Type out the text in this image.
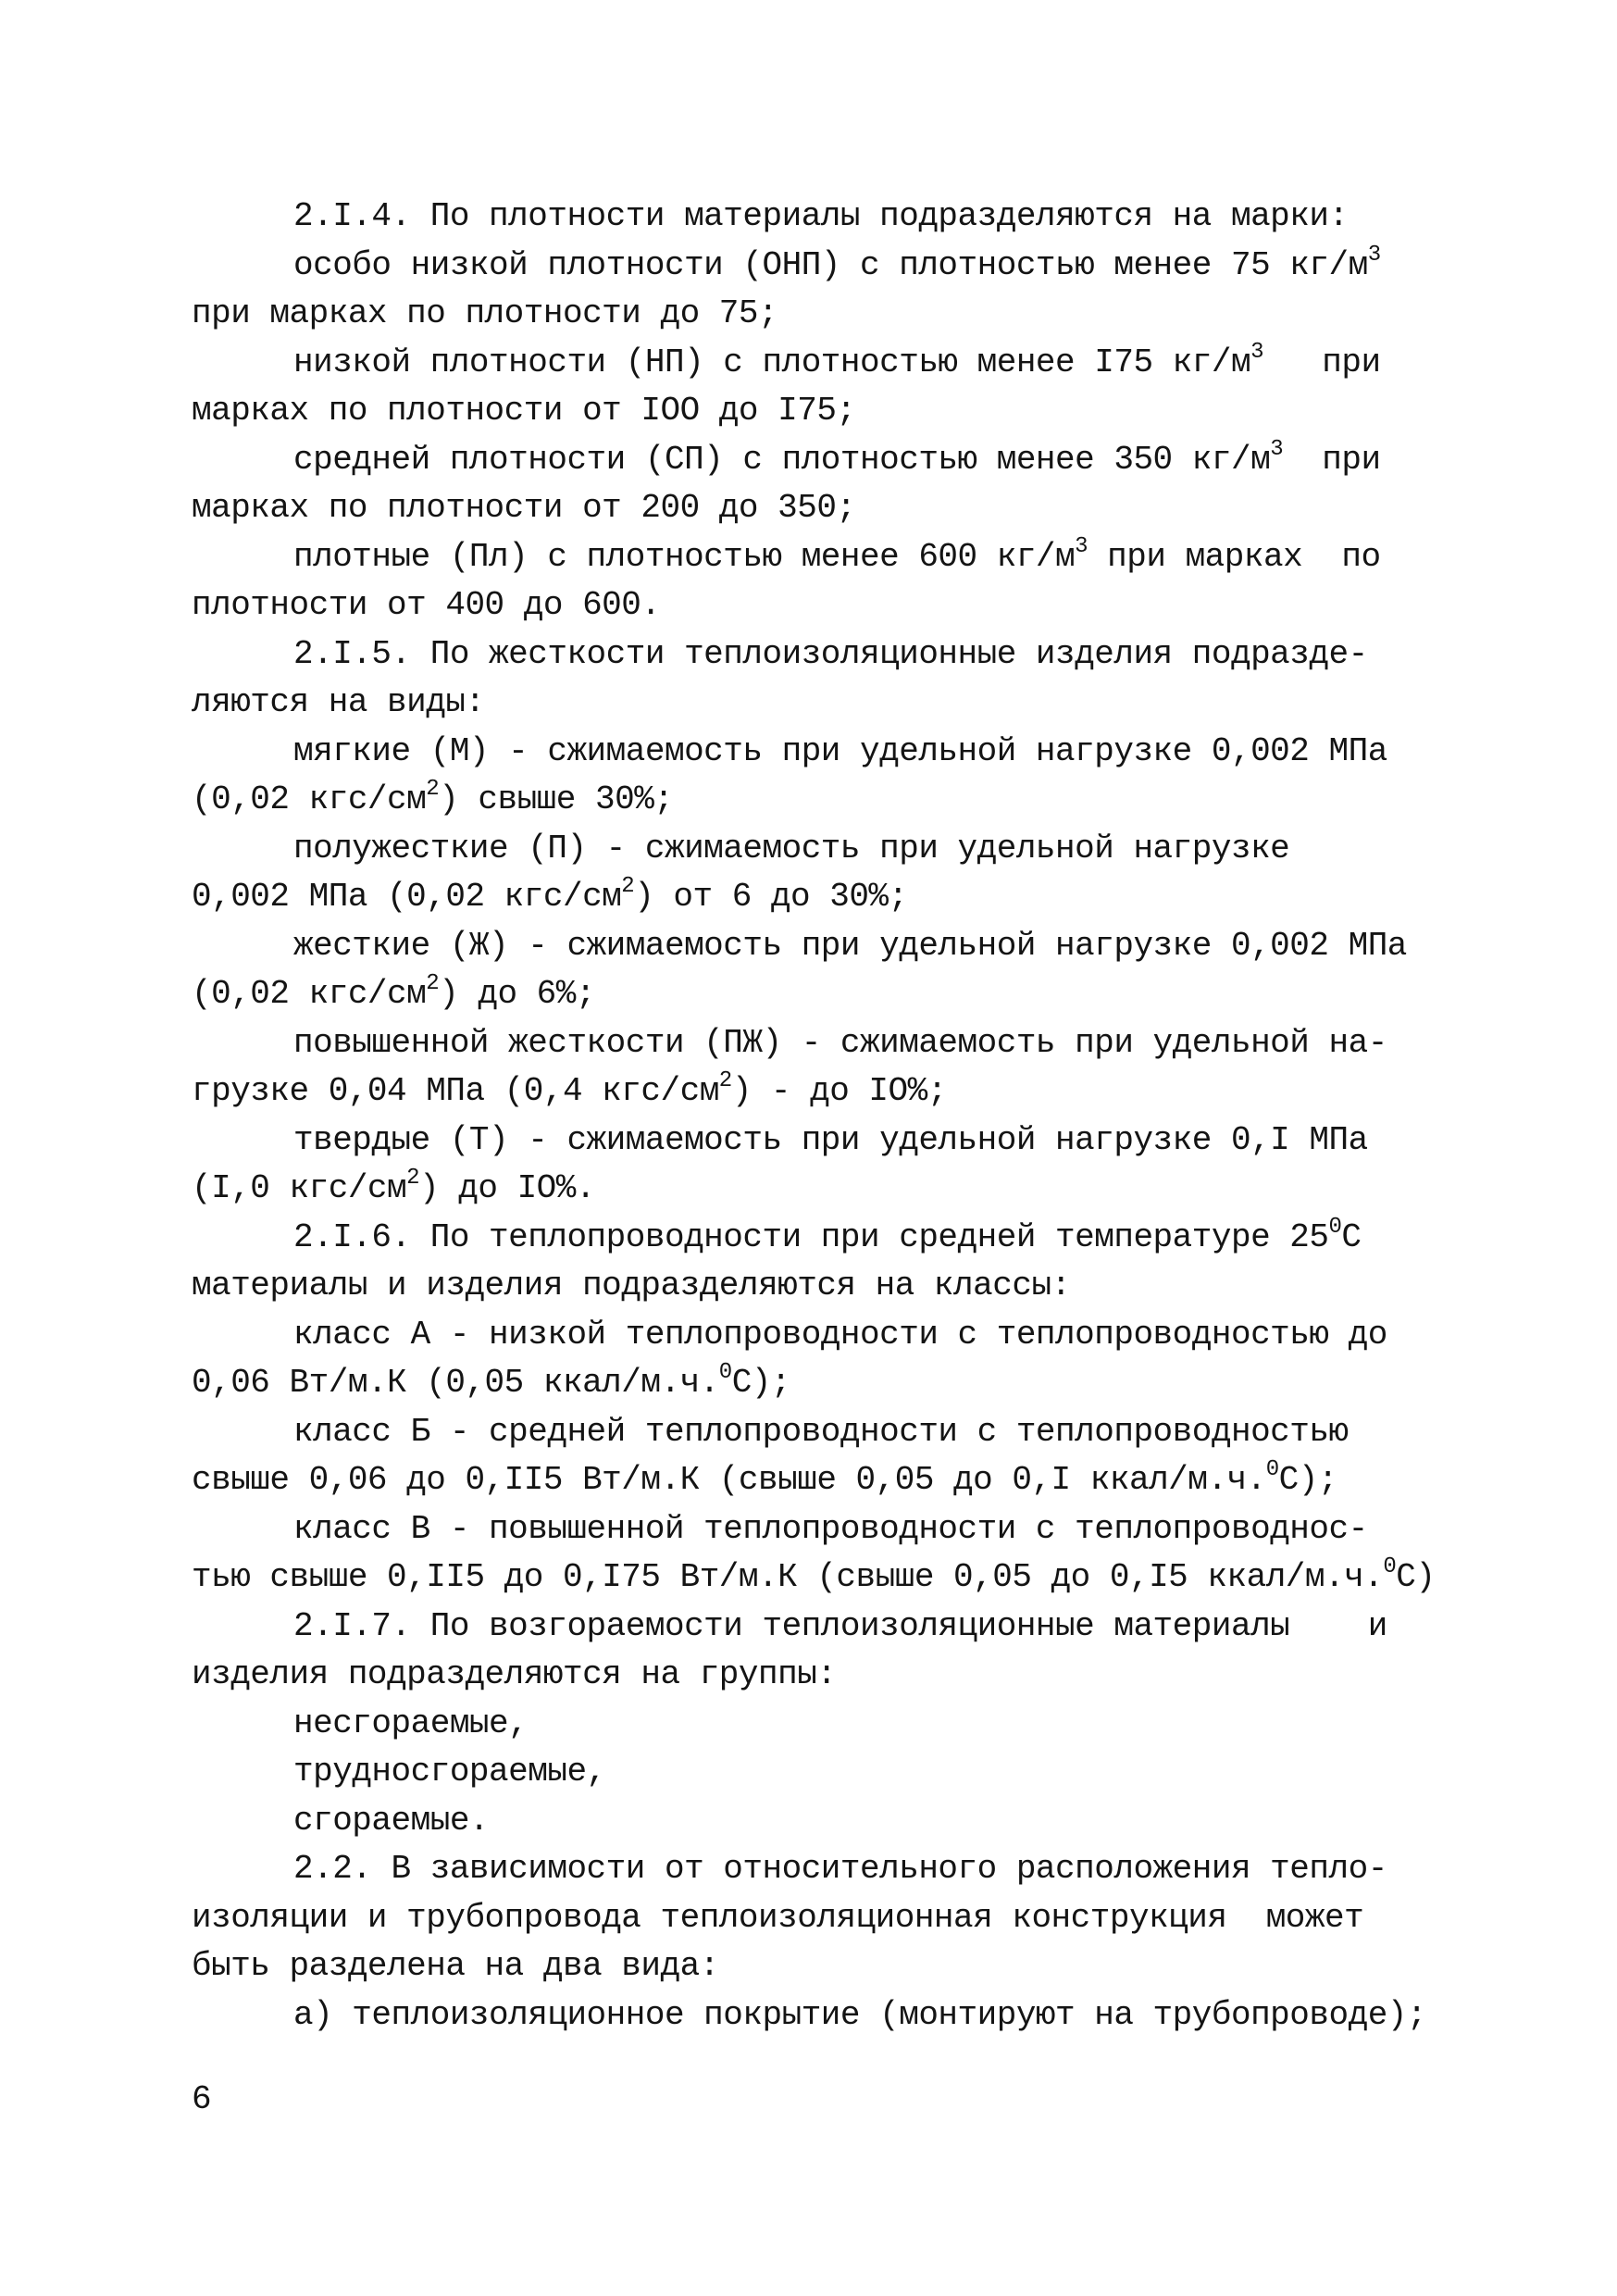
2.I.4. По плотности материалы подразделяются на марки:
особо низкой плотности (ОНП) с плотностью менее 75 $кг/м^3$
при марках по плотности до 75;
низкой плотности (НП) с плотностью менее I75 $кг/м^3$   при
марках по плотности от IOO до I75;
средней плотности (СП) с плотностью менее 350 $кг/м^3$  при
марках по плотности от 200 до 350;
плотные (Пл) с плотностью менее 600 $кг/м^3$ при марках  по
плотности от 400 до 600.
2.I.5. По жесткости теплоизоляционные изделия подразде-
ляются на виды:
мягкие (М) - сжимаемость при удельной нагрузке 0,002 МПа
(0,02 кгс/$см^2$) свыше 30%;
полужесткие (П) - сжимаемость при удельной нагрузке
0,002 МПа (0,02 кгс/$см^2$) от 6 до 30%;
жесткие (Ж) - сжимаемость при удельной нагрузке 0,002 МПа
(0,02 кгс/$см^2$) до 6%;
повышенной жесткости (ПЖ) - сжимаемость при удельной на-
грузке 0,04 МПа (0,4 кгс/$см^2$) - до IO%;
твердые (Т) - сжимаемость при удельной нагрузке 0,I МПа
(I,0 кгс/$см^2$) до IO%.
2.I.6. По теплопроводности при средней температуре $25^0С$
материалы и изделия подразделяются на классы:
класс А - низкой теплопроводности с теплопроводностью до
0,06 Вт/м.К (0,05 ккал/м.ч.$^0$С);
класс Б - средней теплопроводности с теплопроводностью
свыше 0,06 до 0,II5 Вт/м.К (свыше 0,05 до 0,I ккал/м.ч.$^0$С);
класс В - повышенной теплопроводности с теплопроводнос-
тью свыше 0,II5 до 0,I75 Вт/м.К (свыше 0,05 до 0,I5 ккал/м.ч.$^0$С)
2.I.7. По возгораемости теплоизоляционные материалы    и
изделия подразделяются на группы:
несгораемые,
трудносгораемые,
сгораемые.
2.2. В зависимости от относительного расположения тепло-
изоляции и трубопровода теплоизоляционная конструкция  может
быть разделена на два вида:
а) теплоизоляционное покрытие (монтируют на трубопроводе);
6
